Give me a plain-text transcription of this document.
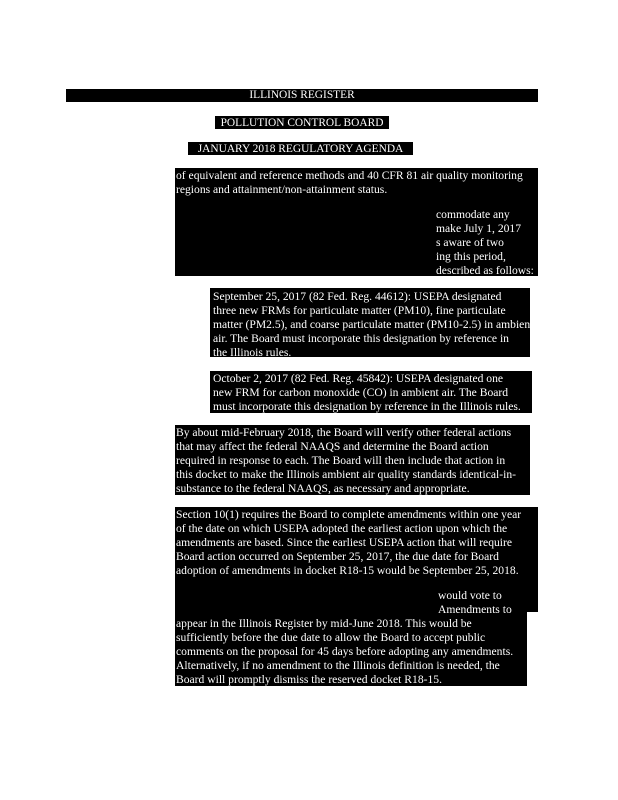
ILLINOIS REGISTER
POLLUTION CONTROL BOARD
JANUARY 2018 REGULATORY AGENDA
of equivalent and reference methods and 40 CFR 81 air quality monitoring
regions and attainment/non-attainment status.
commodate any
make July 1, 2017
s aware of two
ing this period,
described as follows:
September 25, 2017 (82 Fed. Reg. 44612): USEPA designated
three new FRMs for particulate matter (PM10), fine particulate
matter (PM2.5), and coarse particulate matter (PM10-2.5) in ambient
air. The Board must incorporate this designation by reference in
the Illinois rules.
October 2, 2017 (82 Fed. Reg. 45842): USEPA designated one
new FRM for carbon monoxide (CO) in ambient air. The Board
must incorporate this designation by reference in the Illinois rules.
By about mid-February 2018, the Board will verify other federal actions
that may affect the federal NAAQS and determine the Board action
required in response to each. The Board will then include that action in
this docket to make the Illinois ambient air quality standards identical-in-
substance to the federal NAAQS, as necessary and appropriate.
Section 10(1) requires the Board to complete amendments within one year
of the date on which USEPA adopted the earliest action upon which the
amendments are based. Since the earliest USEPA action that will require
Board action occurred on September 25, 2017, the due date for Board
adoption of amendments in docket R18-15 would be September 25, 2018.
would vote to
Amendments to
appear in the Illinois Register by mid-June 2018. This would be
sufficiently before the due date to allow the Board to accept public
comments on the proposal for 45 days before adopting any amendments.
Alternatively, if no amendment to the Illinois definition is needed, the
Board will promptly dismiss the reserved docket R18-15.
